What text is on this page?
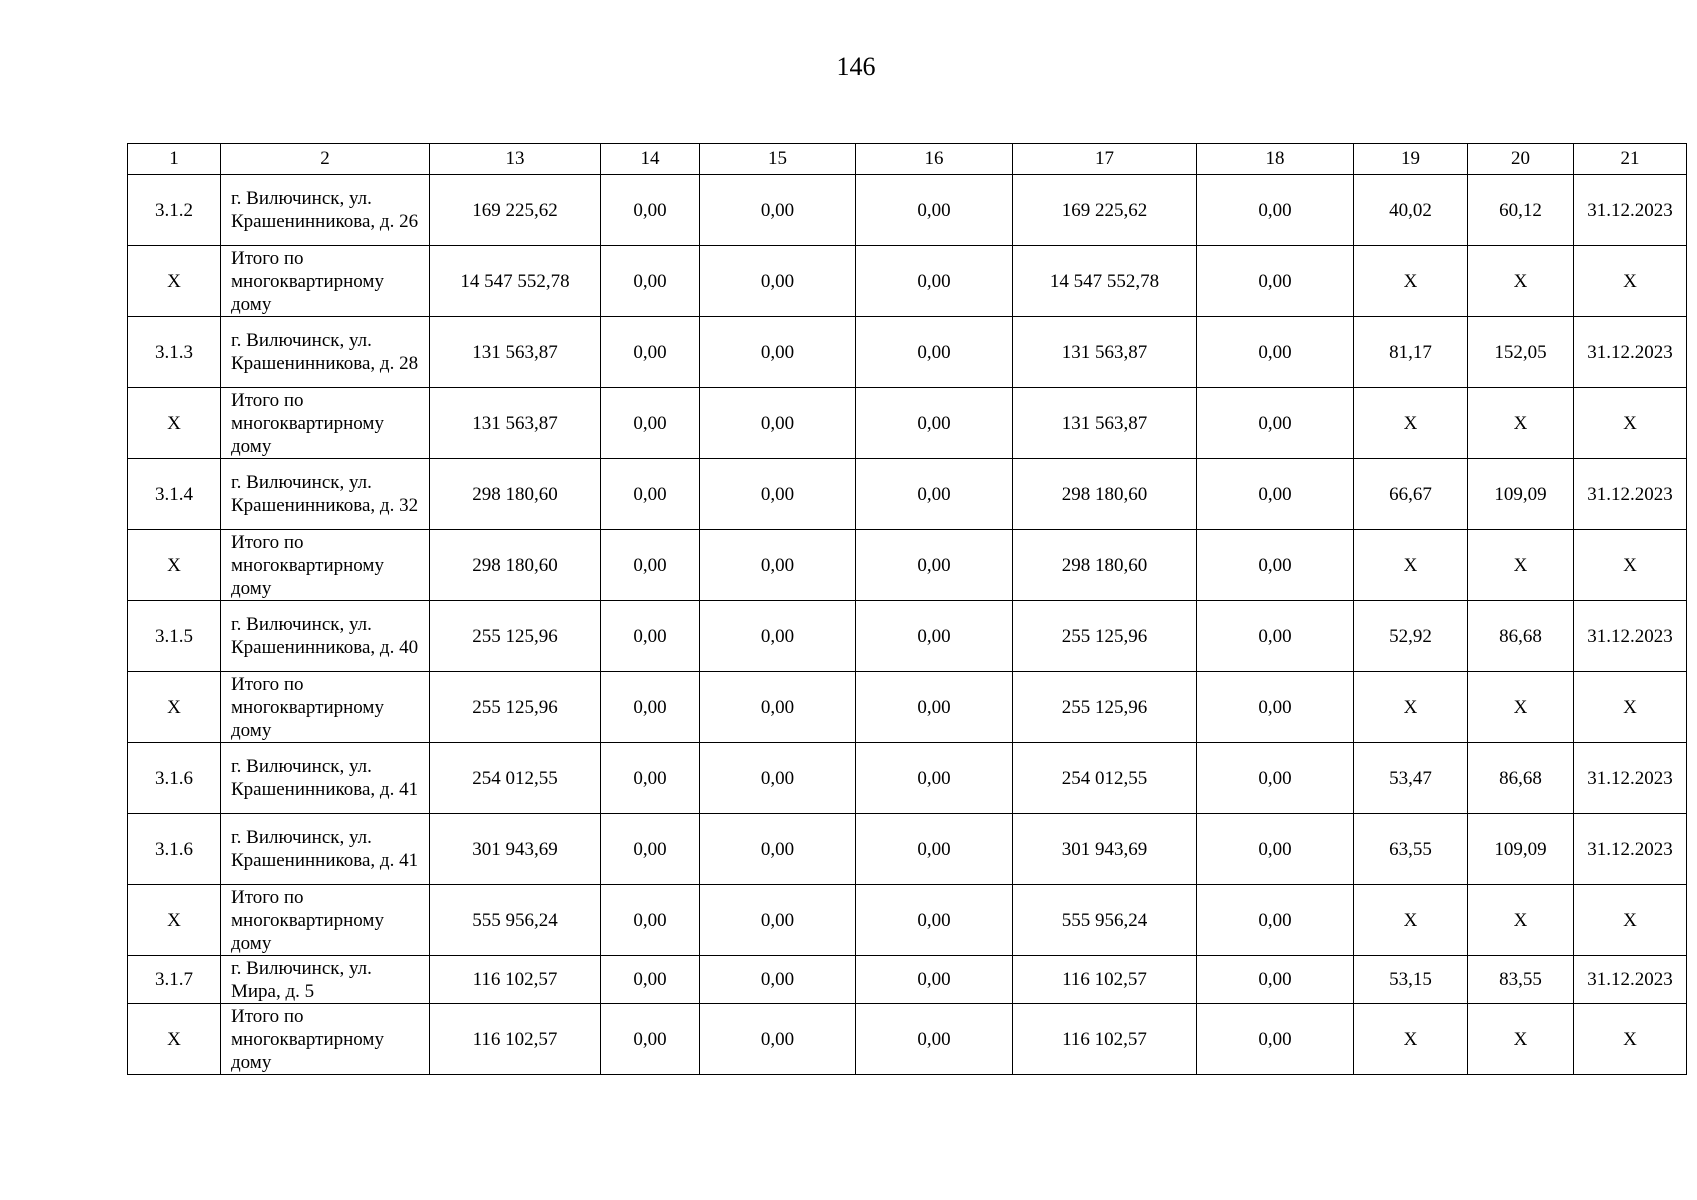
146
1	2	13	14	15	16	17	18	19	20	21
3.1.2	г. Вилючинск, ул. Крашенинникова, д. 26	169 225,62	0,00	0,00	0,00	169 225,62	0,00	40,02	60,12	31.12.2023
X	Итого по многоквартирному дому	14 547 552,78	0,00	0,00	0,00	14 547 552,78	0,00	X	X	X
3.1.3	г. Вилючинск, ул. Крашенинникова, д. 28	131 563,87	0,00	0,00	0,00	131 563,87	0,00	81,17	152,05	31.12.2023
X	Итого по многоквартирному дому	131 563,87	0,00	0,00	0,00	131 563,87	0,00	X	X	X
3.1.4	г. Вилючинск, ул. Крашенинникова, д. 32	298 180,60	0,00	0,00	0,00	298 180,60	0,00	66,67	109,09	31.12.2023
X	Итого по многоквартирному дому	298 180,60	0,00	0,00	0,00	298 180,60	0,00	X	X	X
3.1.5	г. Вилючинск, ул. Крашенинникова, д. 40	255 125,96	0,00	0,00	0,00	255 125,96	0,00	52,92	86,68	31.12.2023
X	Итого по многоквартирному дому	255 125,96	0,00	0,00	0,00	255 125,96	0,00	X	X	X
3.1.6	г. Вилючинск, ул. Крашенинникова, д. 41	254 012,55	0,00	0,00	0,00	254 012,55	0,00	53,47	86,68	31.12.2023
3.1.6	г. Вилючинск, ул. Крашенинникова, д. 41	301 943,69	0,00	0,00	0,00	301 943,69	0,00	63,55	109,09	31.12.2023
X	Итого по многоквартирному дому	555 956,24	0,00	0,00	0,00	555 956,24	0,00	X	X	X
3.1.7	г. Вилючинск, ул. Мира, д. 5	116 102,57	0,00	0,00	0,00	116 102,57	0,00	53,15	83,55	31.12.2023
X	Итого по многоквартирному дому	116 102,57	0,00	0,00	0,00	116 102,57	0,00	X	X	X
